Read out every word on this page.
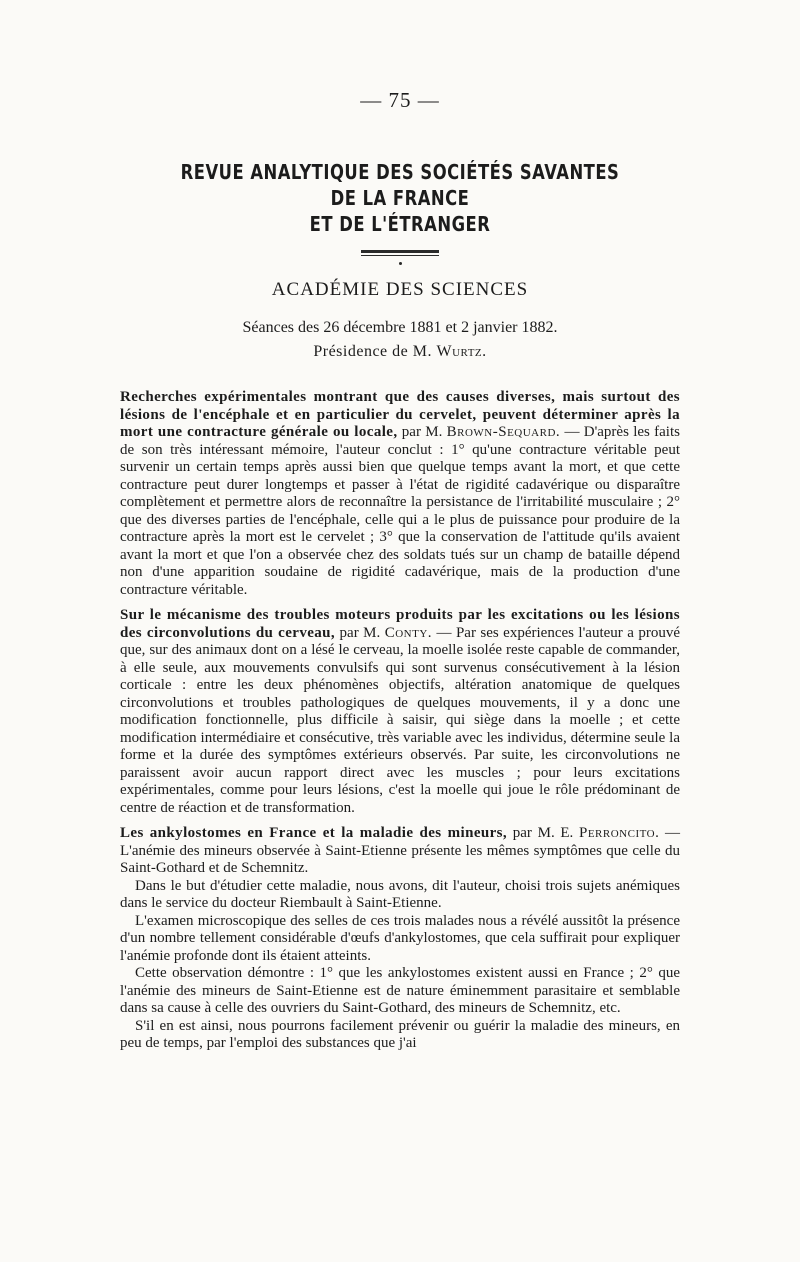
— 75 —
REVUE ANALYTIQUE DES SOCIÉTÉS SAVANTES DE LA FRANCE
ET DE L'ÉTRANGER
ACADÉMIE DES SCIENCES
Séances des 26 décembre 1881 et 2 janvier 1882.
Présidence de M. Wurtz.

Recherches expérimentales montrant que des causes diverses, mais surtout des lésions de l'encéphale et en particulier du cervelet, peuvent déterminer après la mort une contracture générale ou locale, par M. Brown-Sequard. — D'après les faits de son très intéressant mémoire, l'auteur conclut : 1° qu'une contracture véritable peut survenir un certain temps après aussi bien que quelque temps avant la mort, et que cette contracture peut durer longtemps et passer à l'état de rigidité cadavérique ou disparaître complètement et permettre alors de reconnaître la persistance de l'irritabilité musculaire ; 2° que des diverses parties de l'encéphale, celle qui a le plus de puissance pour produire de la contracture après la mort est le cervelet ; 3° que la conservation de l'attitude qu'ils avaient avant la mort et que l'on a observée chez des soldats tués sur un champ de bataille dépend non d'une apparition soudaine de rigidité cadavérique, mais de la production d'une contracture véritable.

Sur le mécanisme des troubles moteurs produits par les excitations ou les lésions des circonvolutions du cerveau, par M. Conty. — Par ses expériences l'auteur a prouvé que, sur des animaux dont on a lésé le cerveau, la moelle isolée reste capable de commander, à elle seule, aux mouvements convulsifs qui sont survenus consécutivement à la lésion corticale : entre les deux phénomènes objectifs, altération anatomique de quelques circonvolutions et troubles pathologiques de quelques mouvements, il y a donc une modification fonctionnelle, plus difficile à saisir, qui siège dans la moelle ; et cette modification intermédiaire et consécutive, très variable avec les individus, détermine seule la forme et la durée des symptômes extérieurs observés. Par suite, les circonvolutions ne paraissent avoir aucun rapport direct avec les muscles ; pour leurs excitations expérimentales, comme pour leurs lésions, c'est la moelle qui joue le rôle prédominant de centre de réaction et de transformation.

Les ankylostomes en France et la maladie des mineurs, par M. E. Perroncito. — L'anémie des mineurs observée à Saint-Etienne présente les mêmes symptômes que celle du Saint-Gothard et de Schemnitz.

Dans le but d'étudier cette maladie, nous avons, dit l'auteur, choisi trois sujets anémiques dans le service du docteur Riembault à Saint-Etienne.

L'examen microscopique des selles de ces trois malades nous a révélé aussitôt la présence d'un nombre tellement considérable d'œufs d'ankylostomes, que cela suffirait pour expliquer l'anémie profonde dont ils étaient atteints.

Cette observation démontre : 1° que les ankylostomes existent aussi en France ; 2° que l'anémie des mineurs de Saint-Etienne est de nature éminemment parasitaire et semblable dans sa cause à celle des ouvriers du Saint-Gothard, des mineurs de Schemnitz, etc.

S'il en est ainsi, nous pourrons facilement prévenir ou guérir la maladie des mineurs, en peu de temps, par l'emploi des substances que j'ai
